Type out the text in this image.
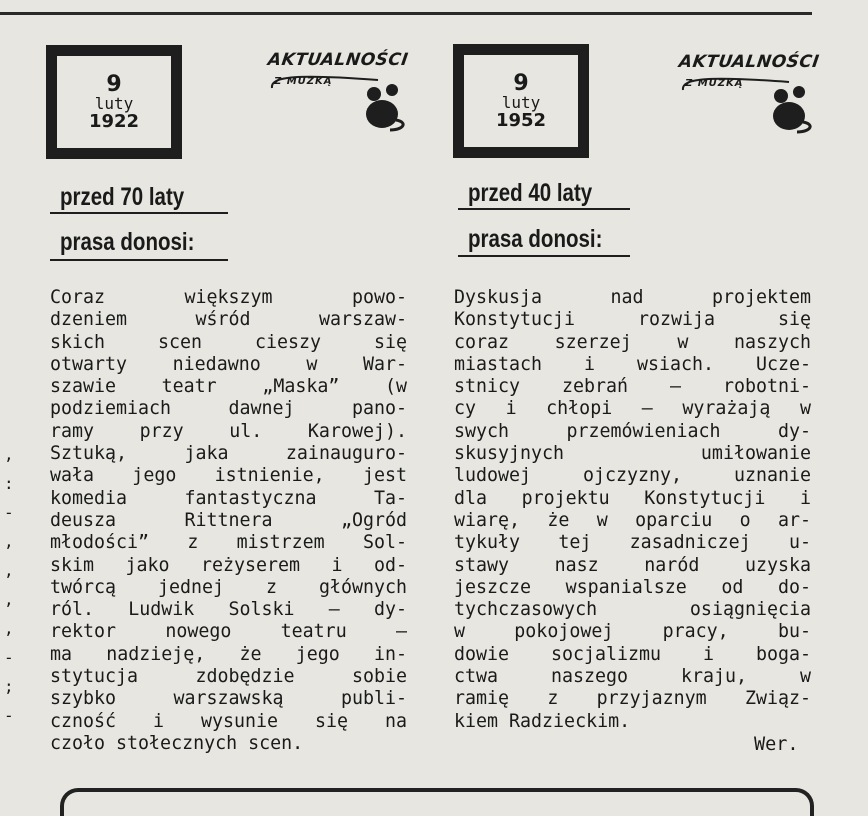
,
:
-
,
,
,
,
-
;
-
9
luty
1922
AKTUALNOŚCI
Z MUZKĄ
przed 70 laty
prasa donosi:
Coraz większym powo-
dzeniem wśród warszaw-
skich scen cieszy się
otwarty niedawno w War-
szawie teatr „Maska” (w
podziemiach dawnej pano-
ramy przy ul. Karowej).
Sztuką, jaka zainauguro-
wała jego istnienie, jest
komedia fantastyczna Ta-
deusza Rittnera „Ogród
młodości” z mistrzem Sol-
skim jako reżyserem i od-
twórcą jednej z głównych
ról. Ludwik Solski — dy-
rektor nowego teatru —
ma nadzieję, że jego in-
stytucja zdobędzie sobie
szybko warszawską publi-
czność i wysunie się na
czoło stołecznych scen.
9
luty
1952
AKTUALNOŚCI
Z MUZKĄ
przed 40 laty
prasa donosi:
Dyskusja nad projektem
Konstytucji rozwija się
coraz szerzej w naszych
miastach i wsiach. Ucze-
stnicy zebrań — robotni-
cy i chłopi — wyrażają w
swych przemówieniach dy-
skusyjnych umiłowanie
ludowej ojczyzny, uznanie
dla projektu Konstytucji i
wiarę, że w oparciu o ar-
tykuły tej zasadniczej u-
stawy nasz naród uzyska
jeszcze wspanialsze od do-
tychczasowych osiągnięcia
w pokojowej pracy, bu-
dowie socjalizmu i boga-
ctwa naszego kraju, w
ramię z przyjaznym Związ-
kiem Radzieckim.
Wer.
